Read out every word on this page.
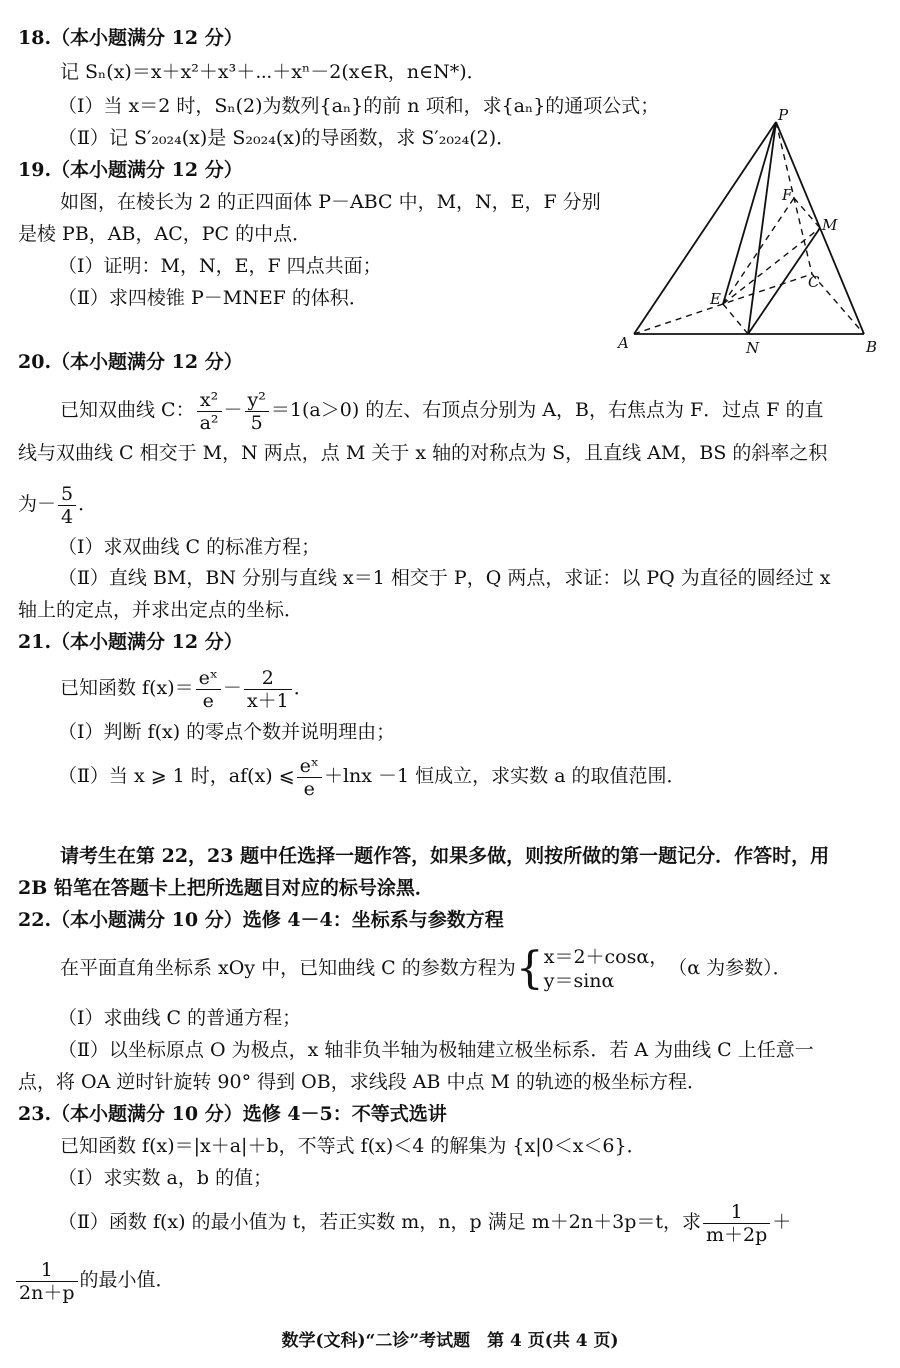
18.（本小题满分 12 分）
记 Sₙ(x)＝x＋x²＋x³＋⋯＋xⁿ－2(x∈R，n∈N*)．
（Ⅰ）当 x＝2 时，Sₙ(2)为数列{aₙ}的前 n 项和，求{aₙ}的通项公式；
（Ⅱ）记 S′₂₀₂₄(x)是 S₂₀₂₄(x)的导函数，求 S′₂₀₂₄(2)．
19.（本小题满分 12 分）
如图，在棱长为 2 的正四面体 P－ABC 中，M，N，E，F 分别
是棱 PB，AB，AC，PC 的中点．
（Ⅰ）证明：M，N，E，F 四点共面；
（Ⅱ）求四棱锥 P－MNEF 的体积．
P
A	B
C
M
N
E
F
20.（本小题满分 12 分）
已知双曲线 C： $\frac{\text{x²}}{\text{a²}} - \frac{\text{y²}}{5} =1(a>0)$ 的左、右顶点分别为 A，B，右焦点为 F．过点 F 的直
线与双曲线 C 相交于 M，N 两点，点 M 关于 x 轴的对称点为 S，且直线 AM，BS 的斜率之积
为－ $\frac{5}{4}$ ．
（Ⅰ）求双曲线 C 的标准方程；
（Ⅱ）直线 BM，BN 分别与直线 x＝1 相交于 P，Q 两点，求证：以 PQ 为直径的圆经过 x
轴上的定点，并求出定点的坐标．
21.（本小题满分 12 分）
已知函数 $f(x)= \frac{\text{eˣ}}{e} - \frac{2}{x+1}$ ．
（Ⅰ）判断 f(x) 的零点个数并说明理由；
（Ⅱ）当 x ⩾ 1 时，af(x) ⩽ $\frac{\text{eˣ}}{e} +\ln x -1$ 恒成立，求实数 a 的取值范围．
请考生在第 22，23 题中任选择一题作答，如果多做，则按所做的第一题记分．作答时，用
2B 铅笔在答题卡上把所选题目对应的标号涂黑．
22.（本小题满分 10 分）选修 4－4：坐标系与参数方程
在平面直角坐标系 xOy 中，已知曲线 C 的参数方程为{ x＝2＋cosα，
y＝sinα
（α 为参数）．
（Ⅰ）求曲线 C 的普通方程；
（Ⅱ）以坐标原点 O 为极点，x 轴非负半轴为极轴建立极坐标系．若 A 为曲线 C 上任意一
点，将 OA 逆时针旋转 90° 得到 OB，求线段 AB 中点 M 的轨迹的极坐标方程．
23.（本小题满分 10 分）选修 4－5：不等式选讲
已知函数 f(x)＝|x＋a|＋b，不等式 f(x)＜4 的解集为 {x|0＜x＜6}．
（Ⅰ）求实数 a，b 的值；
（Ⅱ）函数 f(x) 的最小值为 t，若正实数 m，n，p 满足 m＋2n＋3p＝t，求 $\frac{1}{m+2p}$ ＋
$\frac{1}{2n+p}$ 的最小值．
数学(文科)“二诊”考试题　第 4 页(共 4 页)
